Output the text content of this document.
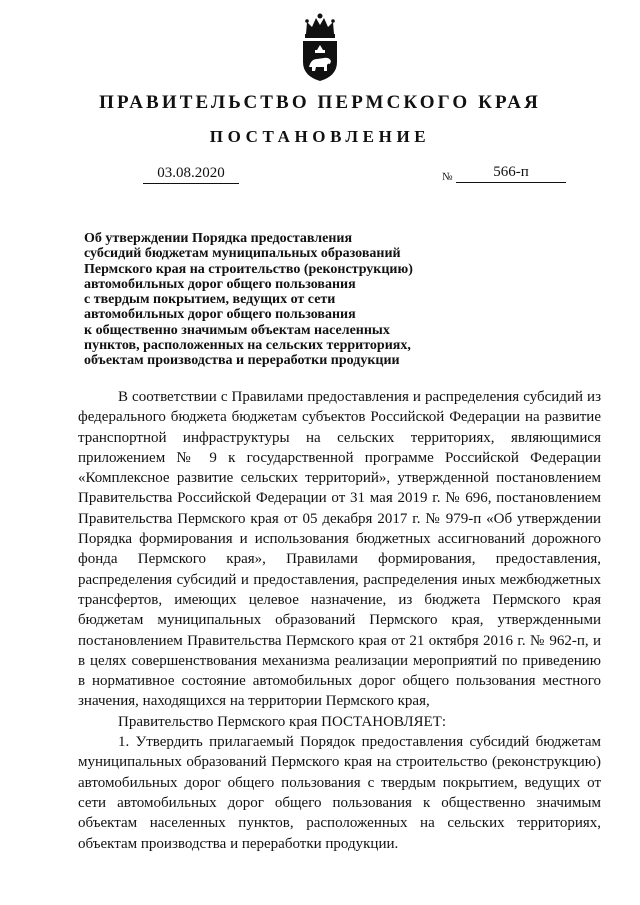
ПРАВИТЕЛЬСТВО ПЕРМСКОГО КРАЯ
ПОСТАНОВЛЕНИЕ
03.08.2020	№	566-п
Об утверждении Порядка предоставления
субсидий бюджетам муниципальных образований
Пермского края на строительство (реконструкцию)
автомобильных дорог общего пользования
с твердым покрытием, ведущих от сети
автомобильных дорог общего пользования
к общественно значимым объектам населенных
пунктов, расположенных на сельских территориях,
объектам производства и переработки продукции

В соответствии с Правилами предоставления и распределения субсидий из федерального бюджета бюджетам субъектов Российской Федерации на развитие транспортной инфраструктуры на сельских территориях, являющимися приложением № 9 к государственной программе Российской Федерации «Комплексное развитие сельских территорий», утвержденной постановлением Правительства Российской Федерации от 31 мая 2019 г. № 696, постановлением Правительства Пермского края от 05 декабря 2017 г. № 979-п «Об утверждении Порядка формирования и использования бюджетных ассигнований дорожного фонда Пермского края», Правилами формирования, предоставления, распределения субсидий и предоставления, распределения иных межбюджетных трансфертов, имеющих целевое назначение, из бюджета Пермского края бюджетам муниципальных образований Пермского края, утвержденными постановлением Правительства Пермского края от 21 октября 2016 г. № 962-п, и в целях совершенствования механизма реализации мероприятий по приведению в нормативное состояние автомобильных дорог общего пользования местного значения, находящихся на территории Пермского края,

Правительство Пермского края ПОСТАНОВЛЯЕТ:

1. Утвердить прилагаемый Порядок предоставления субсидий бюджетам муниципальных образований Пермского края на строительство (реконструкцию) автомобильных дорог общего пользования с твердым покрытием, ведущих от сети автомобильных дорог общего пользования к общественно значимым объектам населенных пунктов, расположенных на сельских территориях, объектам производства и переработки продукции.
